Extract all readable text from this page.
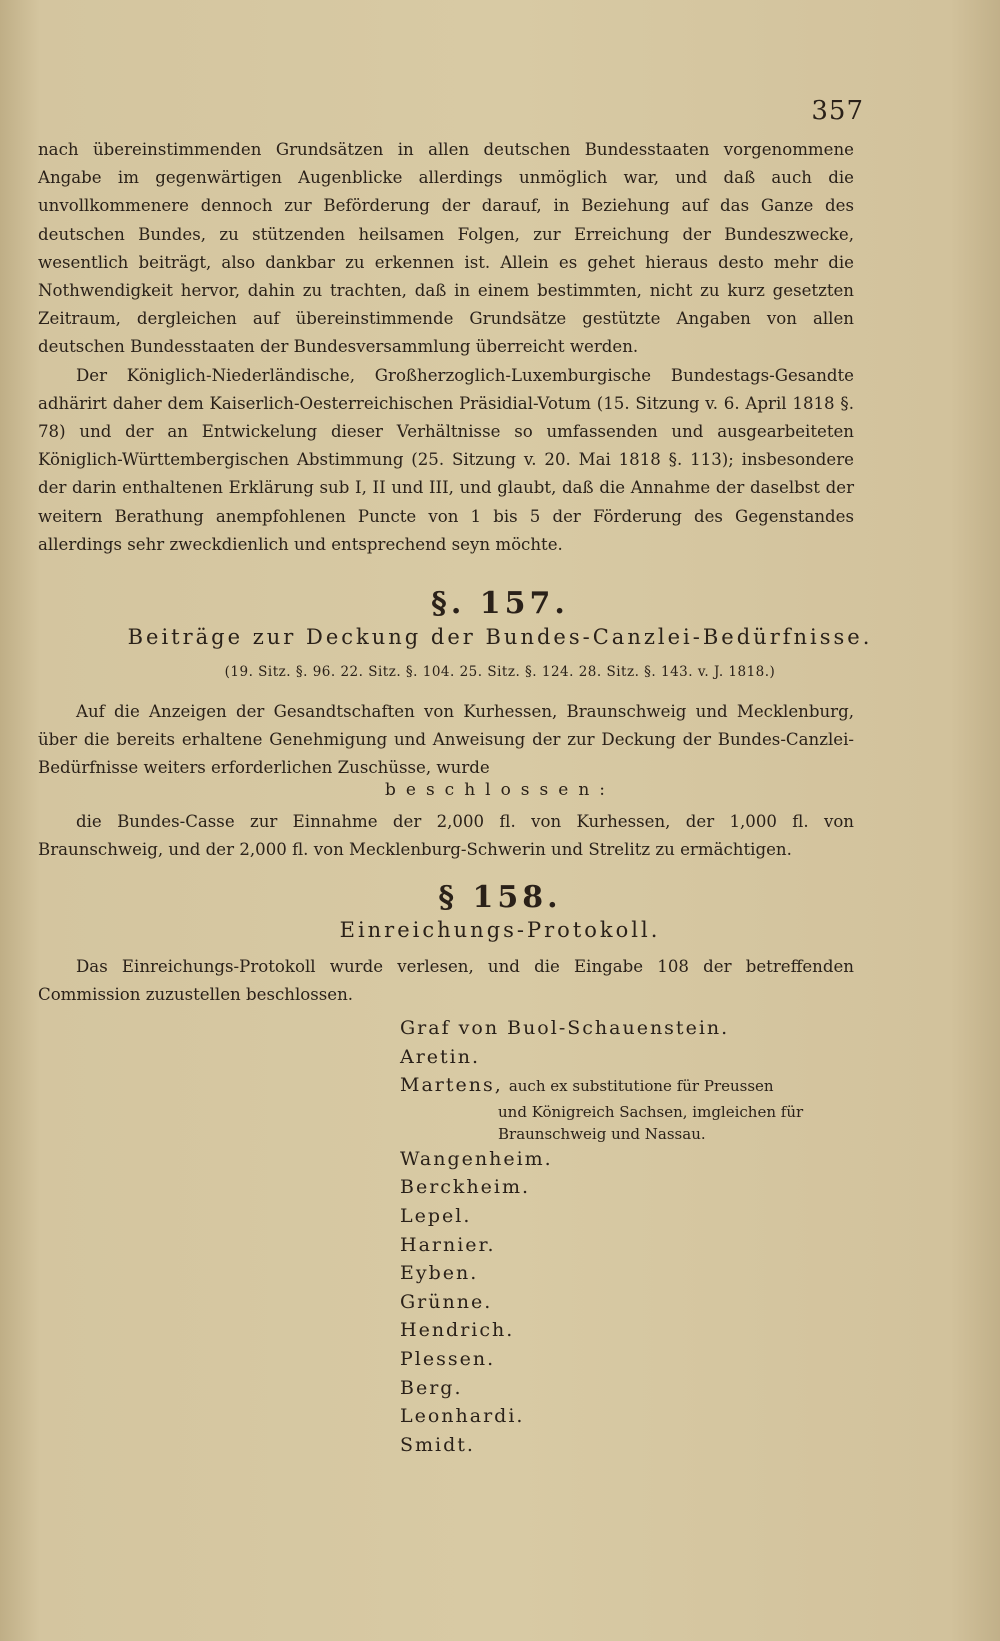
357

nach übereinstimmenden Grundsätzen in allen deutschen Bundesstaaten vorgenommene Angabe im gegenwärtigen Augenblicke allerdings unmöglich war, und daß auch die unvollkommenere dennoch zur Beförderung der darauf, in Beziehung auf das Ganze des deutschen Bundes, zu stützenden heilsamen Folgen, zur Erreichung der Bundeszwecke, wesentlich beiträgt, also dankbar zu erkennen ist. Allein es gehet hieraus desto mehr die Nothwendigkeit hervor, dahin zu trachten, daß in einem bestimmten, nicht zu kurz gesetzten Zeitraum, dergleichen auf übereinstimmende Grundsätze gestützte Angaben von allen deutschen Bundesstaaten der Bundesversammlung überreicht werden.

Der Königlich-Niederländische, Großherzoglich-Luxemburgische Bundestags-Gesandte adhärirt daher dem Kaiserlich-Oesterreichischen Präsidial-Votum (15. Sitzung v. 6. April 1818 §. 78) und der an Entwickelung dieser Verhältnisse so umfassenden und ausgearbeiteten Königlich-Württembergischen Abstimmung (25. Sitzung v. 20. Mai 1818 §. 113); insbesondere der darin enthaltenen Erklärung sub I, II und III, und glaubt, daß die Annahme der daselbst der weitern Berathung anempfohlenen Puncte von 1 bis 5 der Förderung des Gegenstandes allerdings sehr zweckdienlich und entsprechend seyn möchte.

§. 157.
Beiträge zur Deckung der Bundes-Canzlei-Bedürfnisse.
(19. Sitz. §. 96. 22. Sitz. §. 104. 25. Sitz. §. 124. 28. Sitz. §. 143. v. J. 1818.)

Auf die Anzeigen der Gesandtschaften von Kurhessen, Braunschweig und Mecklenburg, über die bereits erhaltene Genehmigung und Anweisung der zur Deckung der Bundes-Canzlei-Bedürfnisse weiters erforderlichen Zuschüsse, wurde

beschlossen:

die Bundes-Casse zur Einnahme der 2,000 fl. von Kurhessen, der 1,000 fl. von Braunschweig, und der 2,000 fl. von Mecklenburg-Schwerin und Strelitz zu ermächtigen.

§ 158.
Einreichungs-Protokoll.

Das Einreichungs-Protokoll wurde verlesen, und die Eingabe 108 der betreffenden Commission zuzustellen beschlossen.

Graf von Buol-Schauenstein.

Aretin.

Martens, auch ex substitutione für Preussen

und Königreich Sachsen, imgleichen für Braunschweig und Nassau.

Wangenheim.

Berckheim.

Lepel.

Harnier.

Eyben.

Grünne.

Hendrich.

Plessen.

Berg.

Leonhardi.

Smidt.
